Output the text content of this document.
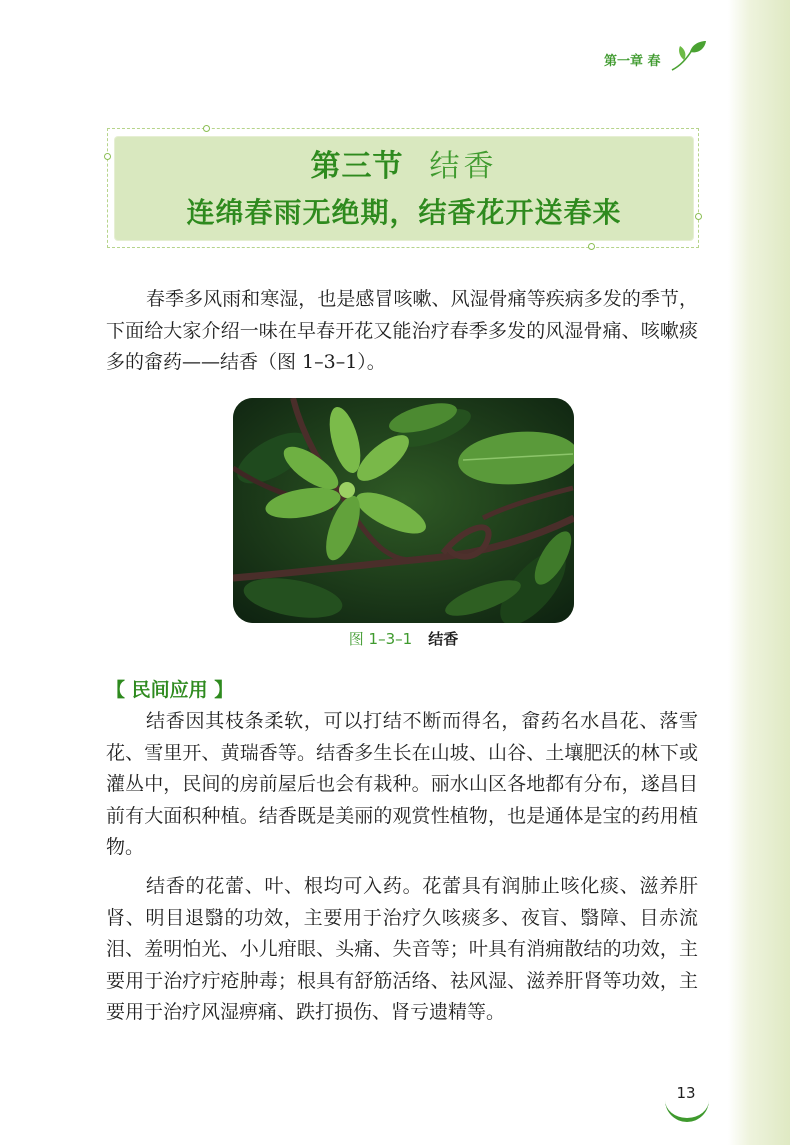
第一章 春
第三节 结香
连绵春雨无绝期，结香花开送春来

春季多风雨和寒湿，也是感冒咳嗽、风湿骨痛等疾病多发的季节，下面给大家介绍一味在早春开花又能治疗春季多发的风湿骨痛、咳嗽痰多的畲药——结香（图 1–3–1）。

图 1–3–1 结香
【 民间应用 】

结香因其枝条柔软，可以打结不断而得名，畲药名水昌花、落雪花、雪里开、黄瑞香等。结香多生长在山坡、山谷、土壤肥沃的林下或灌丛中，民间的房前屋后也会有栽种。丽水山区各地都有分布，遂昌目前有大面积种植。结香既是美丽的观赏性植物，也是通体是宝的药用植物。

结香的花蕾、叶、根均可入药。花蕾具有润肺止咳化痰、滋养肝肾、明目退翳的功效，主要用于治疗久咳痰多、夜盲、翳障、目赤流泪、羞明怕光、小儿疳眼、头痛、失音等；叶具有消痈散结的功效，主要用于治疗疔疮肿毒；根具有舒筋活络、祛风湿、滋养肝肾等功效，主要用于治疗风湿痹痛、跌打损伤、肾亏遗精等。

13
